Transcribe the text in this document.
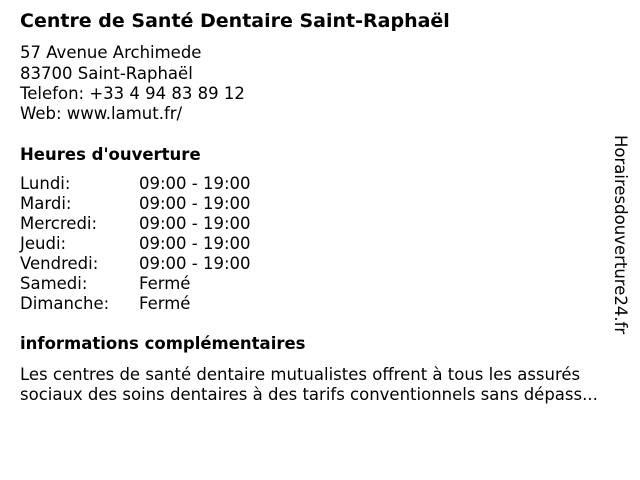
Centre de Santé Dentaire Saint-Raphaël
57 Avenue Archimede
83700 Saint-Raphaël
Telefon: +33 4 94 83 89 12
Web: www.lamut.fr/
Heures d'ouverture
Lundi:	09:00 - 19:00
Mardi:	09:00 - 19:00
Mercredi:	09:00 - 19:00
Jeudi:	09:00 - 19:00
Vendredi: 09:00 - 19:00
Samedi:	Fermé
Dimanche: Fermé
informations complémentaires

Les centres de santé dentaire mutualistes offrent à tous les assurés sociaux des soins dentaires à des tarifs conventionnels sans dépass...

Horairesdouverture24.fr
